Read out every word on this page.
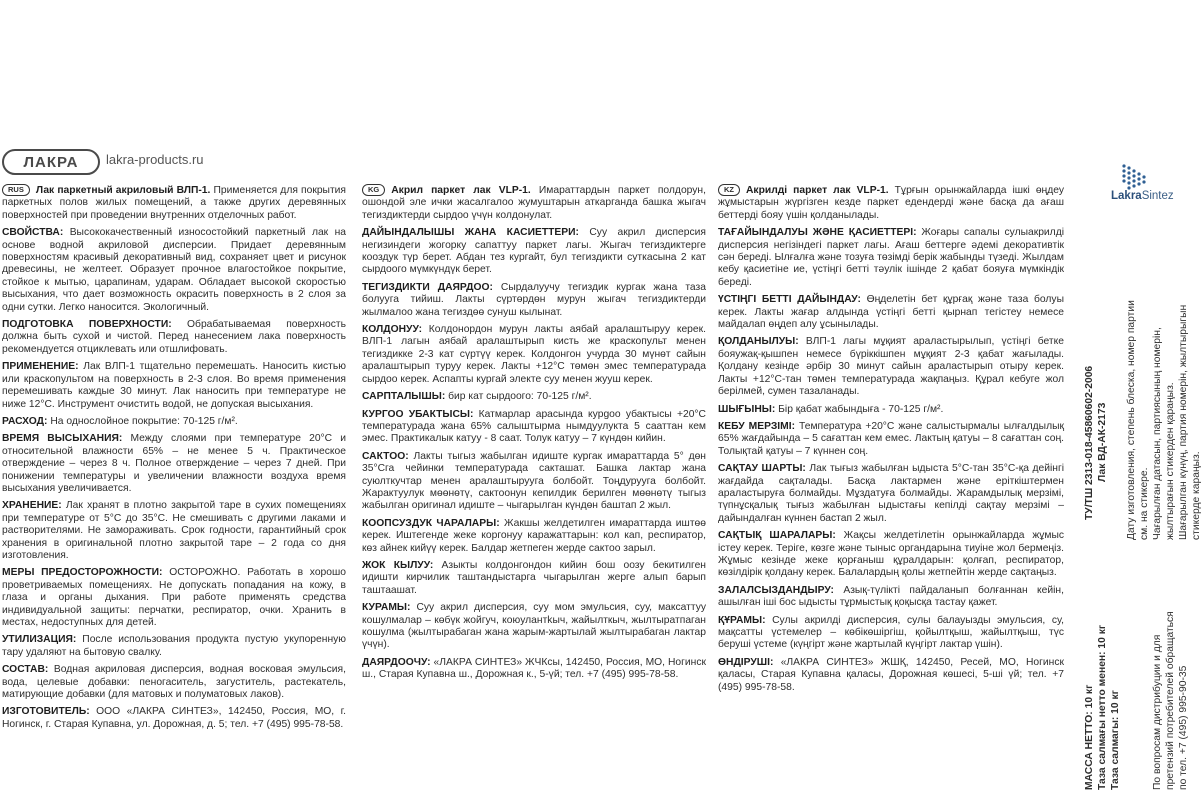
ЛАКРА lakra-products.ru

RUS Лак паркетный акриловый ВЛП-1. Применяется для покрытия паркетных полов жилых помещений, а также других деревянных поверхностей при проведении внутренних отделочных работ.

СВОЙСТВА: Высококачественный износостойкий паркетный лак на основе водной акриловой дисперсии. Придает деревянным поверхностям красивый декоративный вид, сохраняет цвет и рисунок древесины, не желтеет. Образует прочное влагостойкое покрытие, стойкое к мытью, царапинам, ударам. Обладает высокой скоростью высыхания, что дает возможность окрасить поверхность в 2 слоя за одни сутки. Легко наносится. Экологичный.

ПОДГОТОВКА ПОВЕРХНОСТИ: Обрабатываемая поверхность должна быть сухой и чистой. Перед нанесением лака поверхность рекомендуется отциклевать или отшлифовать.

ПРИМЕНЕНИЕ: Лак ВЛП-1 тщательно перемешать. Наносить кистью или краскопультом на поверхность в 2-3 слоя. Во время применения перемешивать каждые 30 минут. Лак наносить при температуре не ниже 12°С. Инструмент очистить водой, не допуская высыхания.

РАСХОД: На однослойное покрытие: 70-125 г/м².

ВРЕМЯ ВЫСЫХАНИЯ: Между слоями при температуре 20°С и относительной влажности 65% – не менее 5 ч. Практическое отверждение – через 8 ч. Полное отверждение – через 7 дней. При понижении температуры и увеличении влажности воздуха время высыхания увеличивается.

ХРАНЕНИЕ: Лак хранят в плотно закрытой таре в сухих помещениях при температуре от 5°С до 35°С. Не смешивать с другими лаками и растворителями. Не замораживать. Срок годности, гарантийный срок хранения в оригинальной плотно закрытой таре – 2 года со дня изготовления.

МЕРЫ ПРЕДОСТОРОЖНОСТИ: ОСТОРОЖНО. Работать в хорошо проветриваемых помещениях. Не допускать попадания на кожу, в глаза и органы дыхания. При работе применять средства индивидуальной защиты: перчатки, респиратор, очки. Хранить в местах, недоступных для детей.

УТИЛИЗАЦИЯ: После использования продукта пустую укупоренную тару удаляют на бытовую свалку.

СОСТАВ: Водная акриловая дисперсия, водная восковая эмульсия, вода, целевые добавки: пеногаситель, загуститель, растекатель, матирующие добавки (для матовых и полуматовых лаков).

ИЗГОТОВИТЕЛЬ: ООО «ЛАКРА СИНТЕЗ», 142450, Россия, МО, г. Ногинск, г. Старая Купавна, ул. Дорожная, д. 5; тел. +7 (495) 995-78-58.

KG Акрил паркет лак VLP-1. Имараттардын паркет полдорун, ошондой эле ички жасалгалоо жумуштарын аткарганда башка жыгач тегиздиктерди сырдоо үчүн колдонулат.

ДАЙЫНДАЛЫШЫ ЖАНА КАСИЕТТЕРИ: Суу акрил дисперсия негизиндеги жогорку сапаттуу паркет лагы. Жыгач тегиздиктерге кооздук түр берет. Абдан тез кургайт, бул тегиздикти суткасына 2 кат сырдоого мүмкүндүк берет.

ТЕГИЗДИКТИ ДАЯРДОО: Сырдалуучу тегиздик кургак жана таза болууга тийиш. Лакты сүртөрдөн мурун жыгач тегиздиктерди жылмалоо жана тегиздөө сунуш кылынат.

КОЛДОНУУ: Колдонордон мурун лакты аябай аралаштыруу керек. ВЛП-1 лагын аябай аралаштырып кисть же краскопульт менен тегиздикке 2-3 кат сүртүү керек. Колдонгон учурда 30 мүнөт сайын аралаштырып туруу керек. Лакты +12°С төмөн эмес температурада сырдоо керек. Аспапты кургай электе суу менен жууш керек.

САРПТАЛЫШЫ: бир кат сырдоого: 70-125 г/м².

КУРГОО УБАКТЫСЫ: Катмарлар арасында курgoo убактысы +20°С температурада жана 65% салыштырма нымдуулукта 5 сааттан кем эмес. Практикалык катуу - 8 саат. Толук катуу – 7 күндөн кийин.

САКТОО: Лакты тыгыз жабылган идиште кургак имараттарда 5° дөн 35°Cга чейинки температурада сакташат. Башка лактар жана суюлткучтар менен аралаштырууга болбойт. Тоңдурууга болбойт. Жарактуулук мөөнөтү, сактоонун кепилдик берилген мөөнөтү тыгыз жабылган оригинал идиште – чыгарылган күндөн баштап 2 жыл.

КООПСУЗДУК ЧАРАЛАРЫ: Жакшы желдетилген имараттарда иштөө керек. Иштегенде жеке коргонуу каражаттарын: кол кап, респиратор, көз айнек кийүү керек. Балдар жетпеген жерде сактоо зарыл.

ЖОК КЫЛУУ: Азыкты колдонгондон кийин бош оозу бекитилген идишти кирчилик таштандыстарга чыгарылган жерге алып барып таштаашат.

КУРАМЫ: Суу акрил дисперсия, суу мом эмульсия, суу, максаттуу кошулмалар – көбүк жойгуч, коюулантkыч, жайылткыч, жылтыратпаган кошулма (жылтырабаган жана жарым-жартылай жылтырабаган лактар үчүн).

ДАЯРДООЧУ: «ЛАКРА СИНТЕЗ» ЖЧКсы, 142450, Россия, МО, Ногинск ш., Старая Купавна ш., Дорожная к., 5-үй; тел. +7 (495) 995-78-58.

KZ Акрилді паркет лак VLP-1. Тұрғын орынжайларда ішкі өңдеу жұмыстарын жүргізген кезде паркет едендерді және басқа да ағаш беттерді бояу үшін қолданылады.

ТАҒАЙЫНДАЛУЫ ЖӘНЕ ҚАСИЕТТЕРІ: Жоғары сапалы сулыакрилді дисперсия негізіндегі паркет лагы. Ағаш беттерге әдемі декоративтік сән береді. Ылғалға және тозуға төзімді берік жабынды түзеді. Жылдам кебу қасиетіне ие, үстіңгі бетті тәулік ішінде 2 қабат бояуға мүмкіндік береді.

ҮСТІҢГІ БЕТТІ ДАЙЫНДАУ: Өңделетін бет құрғақ және таза болуы керек. Лакты жағар алдында үстіңгі бетті қырнап тегістеу немесе майдалап өңдеп алу ұсынылады.

ҚОЛДАНЫЛУЫ: ВЛП-1 лагы мұқият араластырылып, үстіңгі бетке бояужақ-қышпен немесе бүріккішпен мұқият 2-3 қабат жағылады. Қолдану кезінде әрбір 30 минут сайын араластырып отыру керек. Лакты +12°С-тан төмен температурада жақпаңыз. Құрал кебуге жол берілмей, сумен тазаланады.

ШЫҒЫНЫ: Бір қабат жабындыға - 70-125 г/м².

КЕБУ МЕРЗІМІ: Температура +20°С және салыстырмалы ылғалдылық 65% жағдайында – 5 сағаттан кем емес. Лактың қатуы – 8 сағаттан соң. Толықтай қатуы – 7 күннен соң.

САҚТАУ ШАРТЫ: Лак тығыз жабылған ыдыста 5°С-тан 35°С-қа дейінгі жағдайда сақталады. Басқа лактармен және еріткіштермен араластыруға болмайды. Мұздатуға болмайды. Жарамдылық мерзімі, түпнұсқалық тығыз жабылған ыдыстағы кепілді сақтау мерзімі – дайындалған күннен бастап 2 жыл.

САҚТЫҚ ШАРАЛАРЫ: Жақсы желдетілетін орынжайларда жұмыс істеу керек. Теріге, көзге және тыныс органдарына тиуіне жол бермеңіз. Жұмыс кезінде жеке қорғаныш құралдарын: қолғап, респиратор, көзілдірік қолдану керек. Балалардың қолы жетпейтін жерде сақтаңыз.

ЗАЛАЛСЫЗДАНДЫРУ: Азық-түлікті пайдаланып болғаннан кейін, ашылған іші бос ыдысты тұрмыстық қоқысқа тастау қажет.

ҚҰРАМЫ: Сулы акрилді дисперсия, сулы балауызды эмульсия, су, мақсатты үстемелер – көбікөшіргіш, қойылтқыш, жайылтқыш, түс беруші үстеме (күңгірт және жартылай күңгірт лактар үшін).

ӨНДІРУШІ: «ЛАКРА СИНТЕЗ» ЖШҚ, 142450, Ресей, МО, Ногинск қаласы, Старая Купавна қаласы, Дорожная көшесі, 5-ші үй; тел. +7 (495) 995-78-58.

LakraSintez
МАССА НЕТТО: 10 кг Таза салмағы нетто менен: 10 кг Таза салмагы: 10 кг
ТУ/ТШ 2313-018-45860602-2006 Лак ВД-АК-2173 Дату изготовления, степень блеска, номер партии см. на стикере. Чағарылған датасын, партиясының номерін, жылтырағын стикерден қараңыз. Шағарылган күнүң, партия номерін, жылтырыгын стикерде караңыз.
По вопросам дистрибуции и для претензий потребителей обращаться по тел. +7 (495) 995-90-35
